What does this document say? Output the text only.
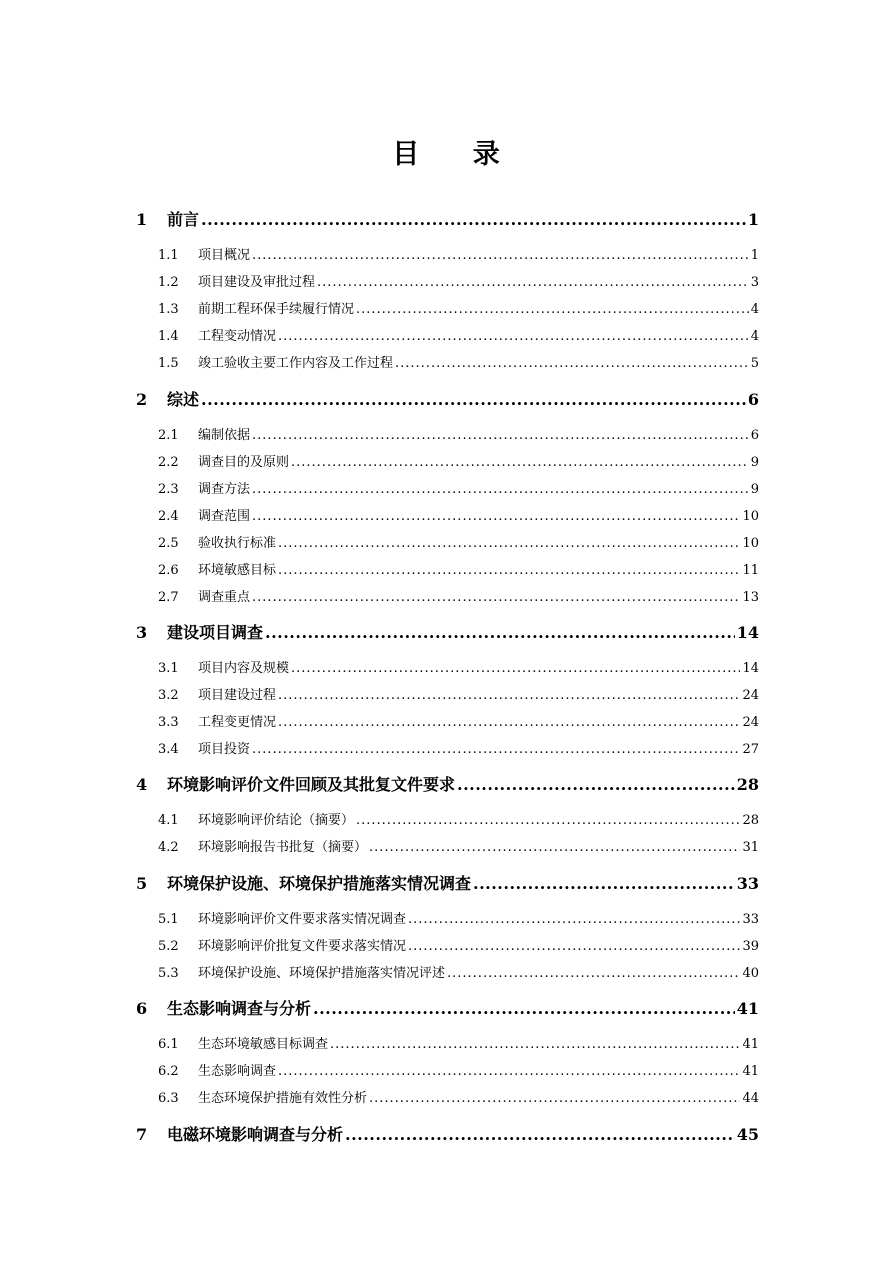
目 录
1	前言 .....	1
1.1	项目概况 .....	1
1.2	项目建设及审批过程 .....	3
1.3	前期工程环保手续履行情况 .....	4
1.4	工程变动情况 .....	4
1.5	竣工验收主要工作内容及工作过程 .....	5
2	综述 .....	6
2.1	编制依据 .....	6
2.2	调查目的及原则 .....	9
2.3	调查方法 .....	9
2.4	调查范围 .....	10
2.5	验收执行标准 .....	10
2.6	环境敏感目标 .....	11
2.7	调查重点 .....	13
3	建设项目调查 .....	14
3.1	项目内容及规模 .....	14
3.2	项目建设过程 .....	24
3.3	工程变更情况 .....	24
3.4	项目投资 .....	27
4	环境影响评价文件回顾及其批复文件要求 .....	28
4.1	环境影响评价结论（摘要） .....	28
4.2	环境影响报告书批复（摘要） .....	31
5	环境保护设施、环境保护措施落实情况调查 .....	33
5.1	环境影响评价文件要求落实情况调查 .....	33
5.2	环境影响评价批复文件要求落实情况 .....	39
5.3	环境保护设施、环境保护措施落实情况评述 .....	40
6	生态影响调查与分析 .....	41
6.1	生态环境敏感目标调查 .....	41
6.2	生态影响调查 .....	41
6.3	生态环境保护措施有效性分析 .....	44
7	电磁环境影响调查与分析 .....	45
